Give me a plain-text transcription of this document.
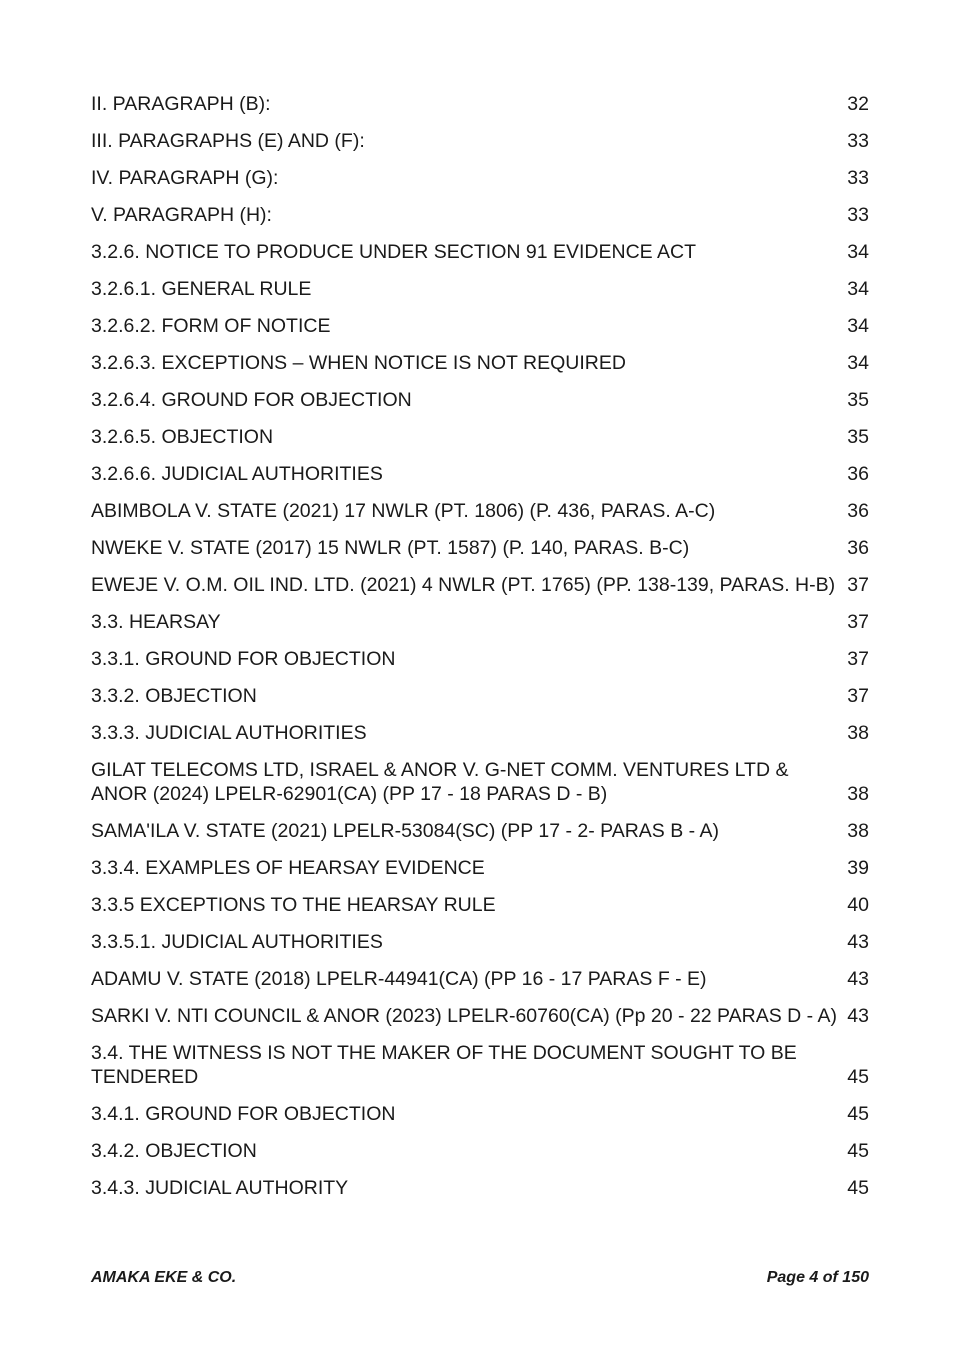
II. PARAGRAPH (B):	32
III. PARAGRAPHS (E) AND (F):	33
IV. PARAGRAPH (G):	33
V. PARAGRAPH (H):	33
3.2.6. NOTICE TO PRODUCE UNDER SECTION 91 EVIDENCE ACT	34
3.2.6.1. GENERAL RULE	34
3.2.6.2. FORM OF NOTICE	34
3.2.6.3. EXCEPTIONS – WHEN NOTICE IS NOT REQUIRED	34
3.2.6.4. GROUND FOR OBJECTION	35
3.2.6.5. OBJECTION	35
3.2.6.6. JUDICIAL AUTHORITIES	36
ABIMBOLA V. STATE (2021) 17 NWLR (PT. 1806) (P. 436, PARAS. A-C)	36
NWEKE V. STATE (2017) 15 NWLR (PT. 1587) (P. 140, PARAS. B-C)	36
EWEJE V. O.M. OIL IND. LTD. (2021) 4 NWLR (PT. 1765) (PP. 138-139, PARAS. H-B) 37
3.3. HEARSAY	37
3.3.1. GROUND FOR OBJECTION	37
3.3.2. OBJECTION	37
3.3.3. JUDICIAL AUTHORITIES	38
GILAT TELECOMS LTD, ISRAEL & ANOR V. G-NET COMM. VENTURES LTD & ANOR (2024) LPELR-62901(CA) (PP 17 - 18 PARAS D - B)	38
SAMA'ILA V. STATE (2021) LPELR-53084(SC) (PP 17 - 2- PARAS B - A)	38
3.3.4. EXAMPLES OF HEARSAY EVIDENCE	39
3.3.5 EXCEPTIONS TO THE HEARSAY RULE	40
3.3.5.1. JUDICIAL AUTHORITIES	43
ADAMU V. STATE (2018) LPELR-44941(CA) (PP 16 - 17 PARAS F - E)	43
SARKI V. NTI COUNCIL & ANOR (2023) LPELR-60760(CA) (Pp 20 - 22 PARAS D - A) 43
3.4. THE WITNESS IS NOT THE MAKER OF THE DOCUMENT SOUGHT TO BE TENDERED	45
3.4.1. GROUND FOR OBJECTION	45
3.4.2. OBJECTION	45
3.4.3. JUDICIAL AUTHORITY	45
AMAKA EKE & CO.	Page 4 of 150
